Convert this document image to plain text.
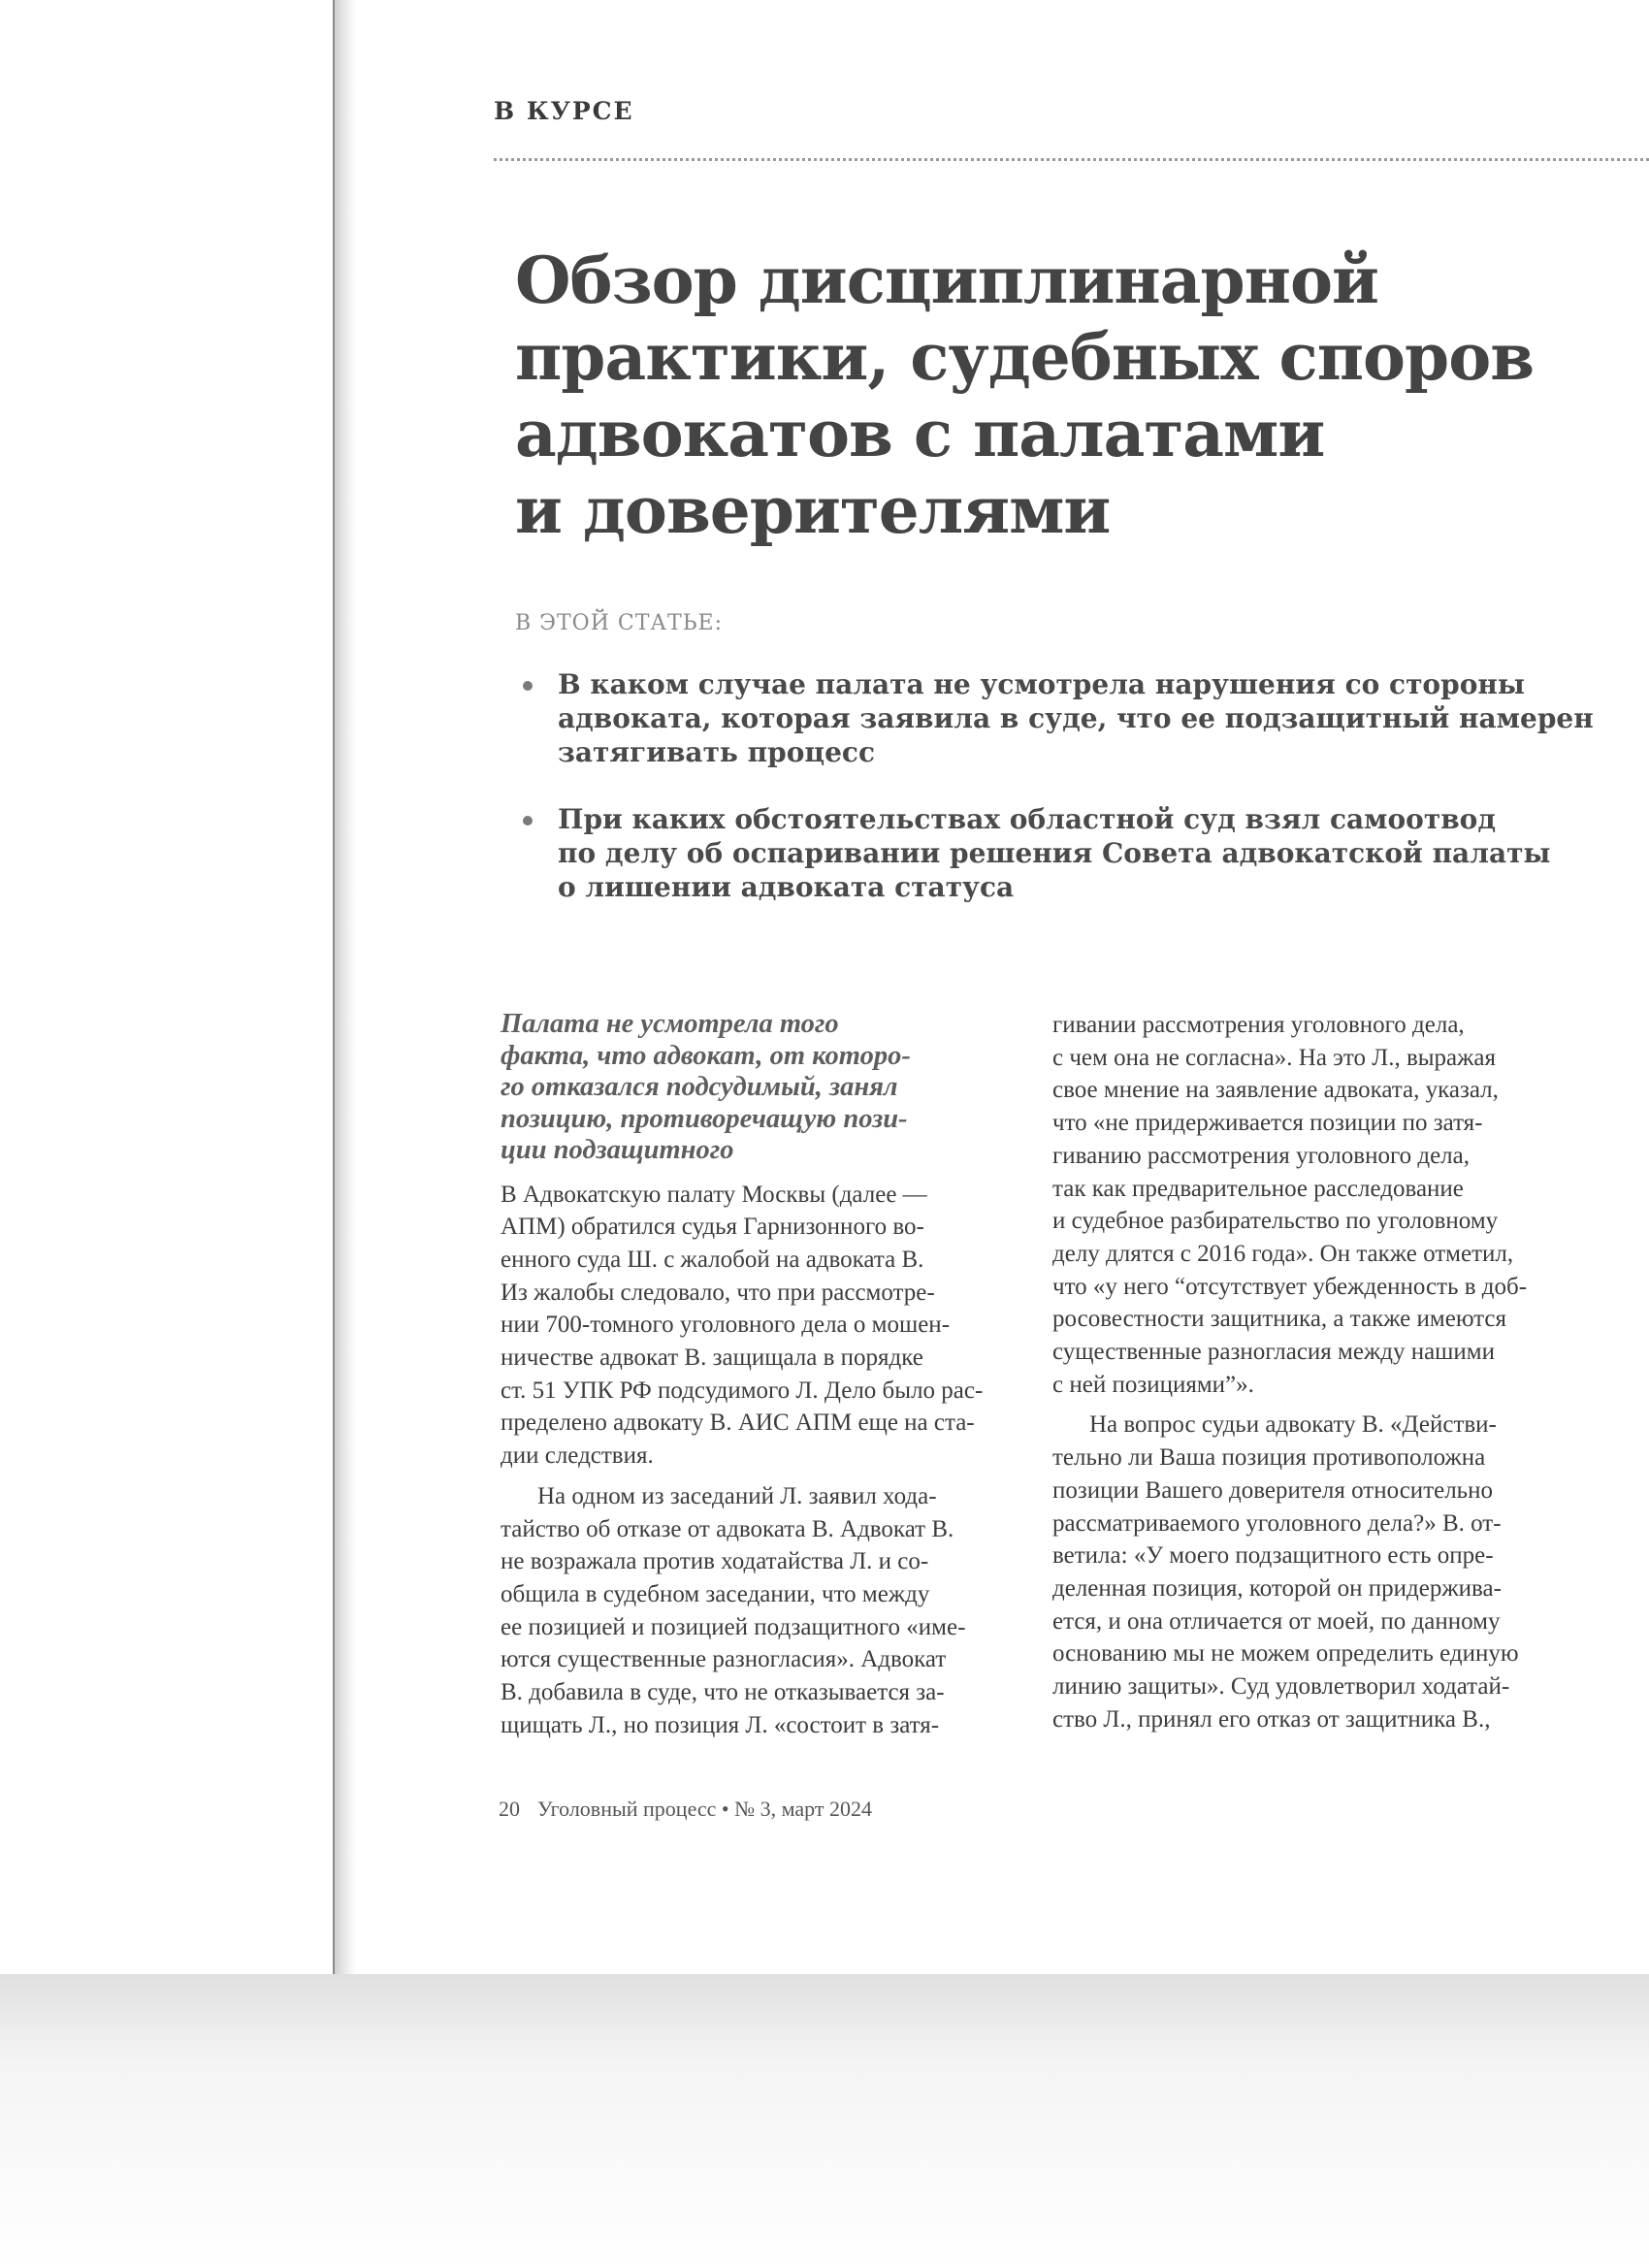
В КУРСЕ
Обзор дисциплинарной
практики, судебных споров
адвокатов с палатами
и доверителями
В ЭТОЙ СТАТЬЕ:
В каком случае палата не усмотрела нарушения со стороны
адвоката, которая заявила в суде, что ее подзащитный намерен
затягивать процесс
При каких обстоятельствах областной суд взял самоотвод
по делу об оспаривании решения Совета адвокатской палаты
о лишении адвоката статуса
Палата не усмотрела того
факта, что адвокат, от которо-
го отказался подсудимый, занял
позицию, противоречащую пози-
ции подзащитного
В Адвокатскую палату Москвы (далее —
АПМ) обратился судья Гарнизонного во-
енного суда Ш. с жалобой на адвоката В.
Из жалобы следовало, что при рассмотре-
нии 700-томного уголовного дела о мошен-
ничестве адвокат В. защищала в порядке
ст. 51 УПК РФ подсудимого Л. Дело было рас-
пределено адвокату В. АИС АПМ еще на ста-
дии следствия.
На одном из заседаний Л. заявил хода-
тайство об отказе от адвоката В. Адвокат В.
не возражала против ходатайства Л. и со-
общила в судебном заседании, что между
ее позицией и позицией подзащитного «име-
ются существенные разногласия». Адвокат
В. добавила в суде, что не отказывается за-
щищать Л., но позиция Л. «состоит в затя-
гивании рассмотрения уголовного дела,
с чем она не согласна». На это Л., выражая
свое мнение на заявление адвоката, указал,
что «не придерживается позиции по затя-
гиванию рассмотрения уголовного дела,
так как предварительное расследование
и судебное разбирательство по уголовному
делу длятся с 2016 года». Он также отметил,
что «у него “отсутствует убежденность в доб-
росовестности защитника, а также имеются
существенные разногласия между нашими
с ней позициями”».
На вопрос судьи адвокату В. «Действи-
тельно ли Ваша позиция противоположна
позиции Вашего доверителя относительно
рассматриваемого уголовного дела?» В. от-
ветила: «У моего подзащитного есть опре-
деленная позиция, которой он придержива-
ется, и она отличается от моей, по данному
основанию мы не можем определить единую
линию защиты». Суд удовлетворил ходатай-
ство Л., принял его отказ от защитника В.,
20 Уголовный процесс • № 3, март 2024
